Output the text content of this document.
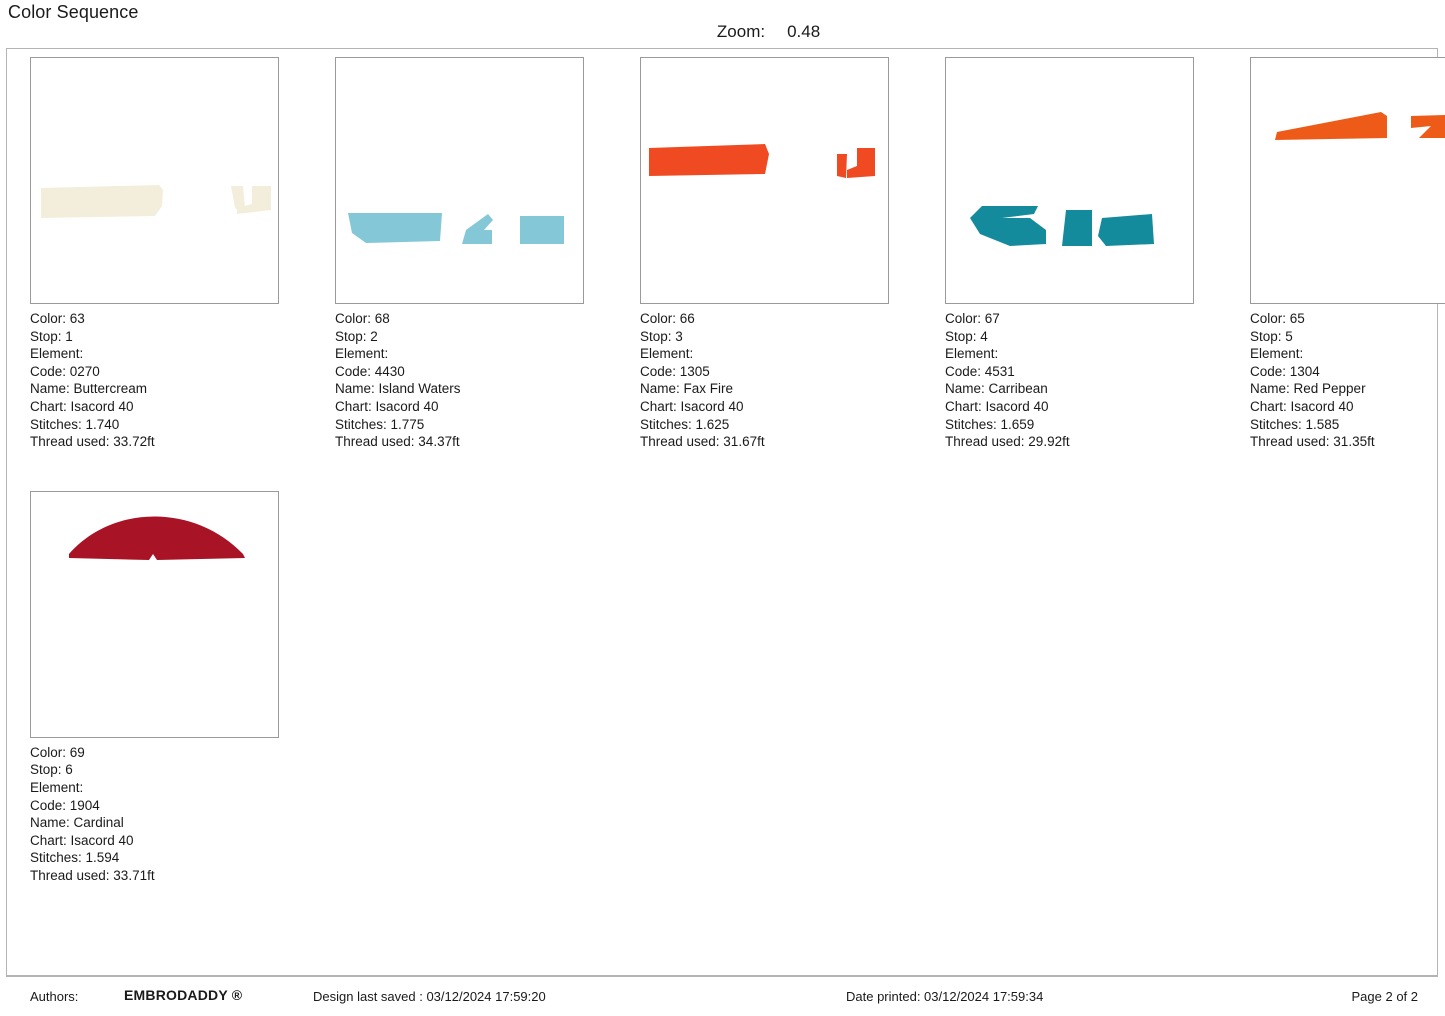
Color Sequence

Zoom: 0.48

Color: 63
Stop: 1
Element:
Code: 0270
Name: Buttercream
Chart: Isacord 40
Stitches: 1.740
Thread used: 33.72ft
Color: 68
Stop: 2
Element:
Code: 4430
Name: Island Waters
Chart: Isacord 40
Stitches: 1.775
Thread used: 34.37ft
Color: 66
Stop: 3
Element:
Code: 1305
Name: Fax Fire
Chart: Isacord 40
Stitches: 1.625
Thread used: 31.67ft
Color: 67
Stop: 4
Element:
Code: 4531
Name: Carribean
Chart: Isacord 40
Stitches: 1.659
Thread used: 29.92ft
Color: 65
Stop: 5
Element:
Code: 1304
Name: Red Pepper
Chart: Isacord 40
Stitches: 1.585
Thread used: 31.35ft
Color: 69
Stop: 6
Element:
Code: 1904
Name: Cardinal
Chart: Isacord 40
Stitches: 1.594
Thread used: 33.71ft
Authors:	EMBRODADDY ®	Design last saved : 03/12/2024 17:59:20	Date printed: 03/12/2024 17:59:34	Page 2 of 2
